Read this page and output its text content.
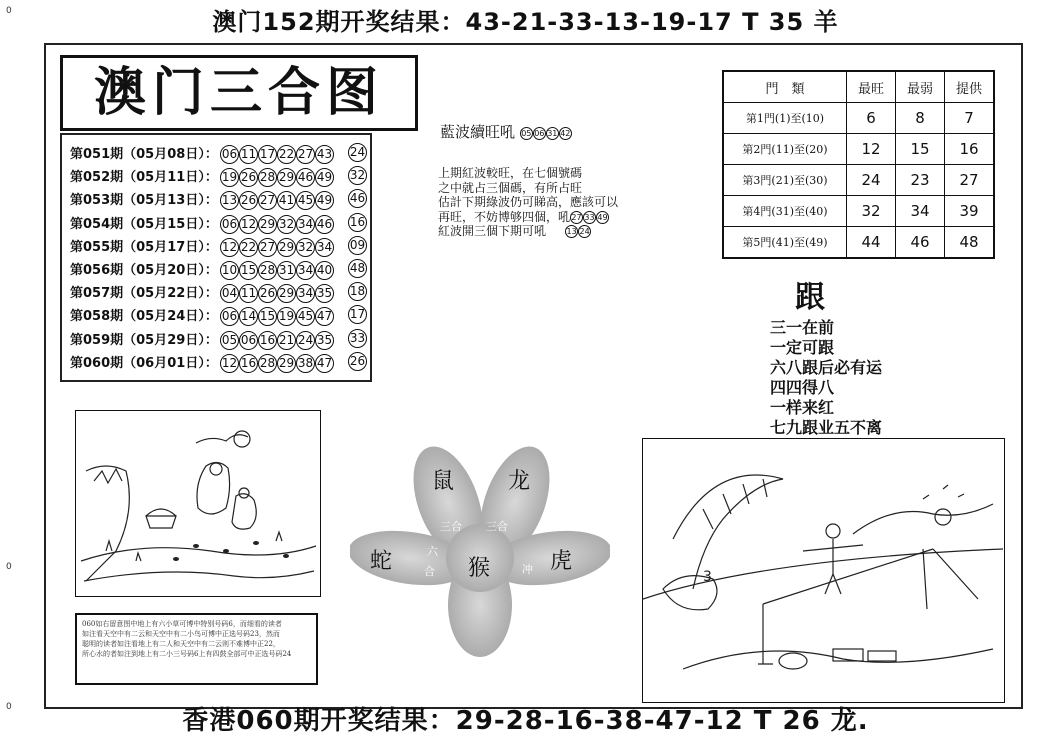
0
0
0
澳门152期开奖结果：43-21-33-13-19-17 T 35 羊
澳门三合图
第051期（05月08日）： 06 11 17 22 27 43 24
第052期（05月11日）： 19 26 28 29 46 49 32
第053期（05月13日）： 13 26 27 41 45 49 46
第054期（05月15日）： 06 12 29 32 34 46 16
第055期（05月17日）： 12 22 27 29 32 34 09
第056期（05月20日）： 10 15 28 31 34 40 48
第057期（05月22日）： 04 11 26 29 34 35 18
第058期（05月24日）： 06 14 15 19 45 47 17
第059期（05月29日）： 05 06 16 21 24 35 33
第060期（06月01日）： 12 16 28 29 38 47 26
藍波續旺吼 05 06 31 42
上期紅波較旺，在七個號碼
之中就占三個碼，有所占旺
估計下期綠波仍可睇高，應該可以
再旺，不妨博够四個，吼27 33 49
紅波開三個下期可吼	13 24
門　類	最旺	最弱	提供
第1門(1)至(10)	6	8	7
第2門(11)至(20)	12	15	16
第3門(21)至(30)	24	23	27
第4門(31)至(40)	32	34	39
第5門(41)至(49)	44	46	48
跟
三一在前
一定可跟
六八跟后必有运
四四得八
一样来红
七九跟业五不离
3
鼠 龙
蛇	猴	虎
三合 三合
六
合	冲
060如右留意图中地上有六小草可博中特别号码6，而细看的读者
如注看天空中有二云和天空中有二小鸟可博中正选号码23，然而
聪明的读者如注看地上有二人和天空中有二云则不难博中正22，
所心水的者如注到地上有二小三号码6上有四鼓全部可中正选号码24
香港060期开奖结果：29-28-16-38-47-12 T 26 龙.
